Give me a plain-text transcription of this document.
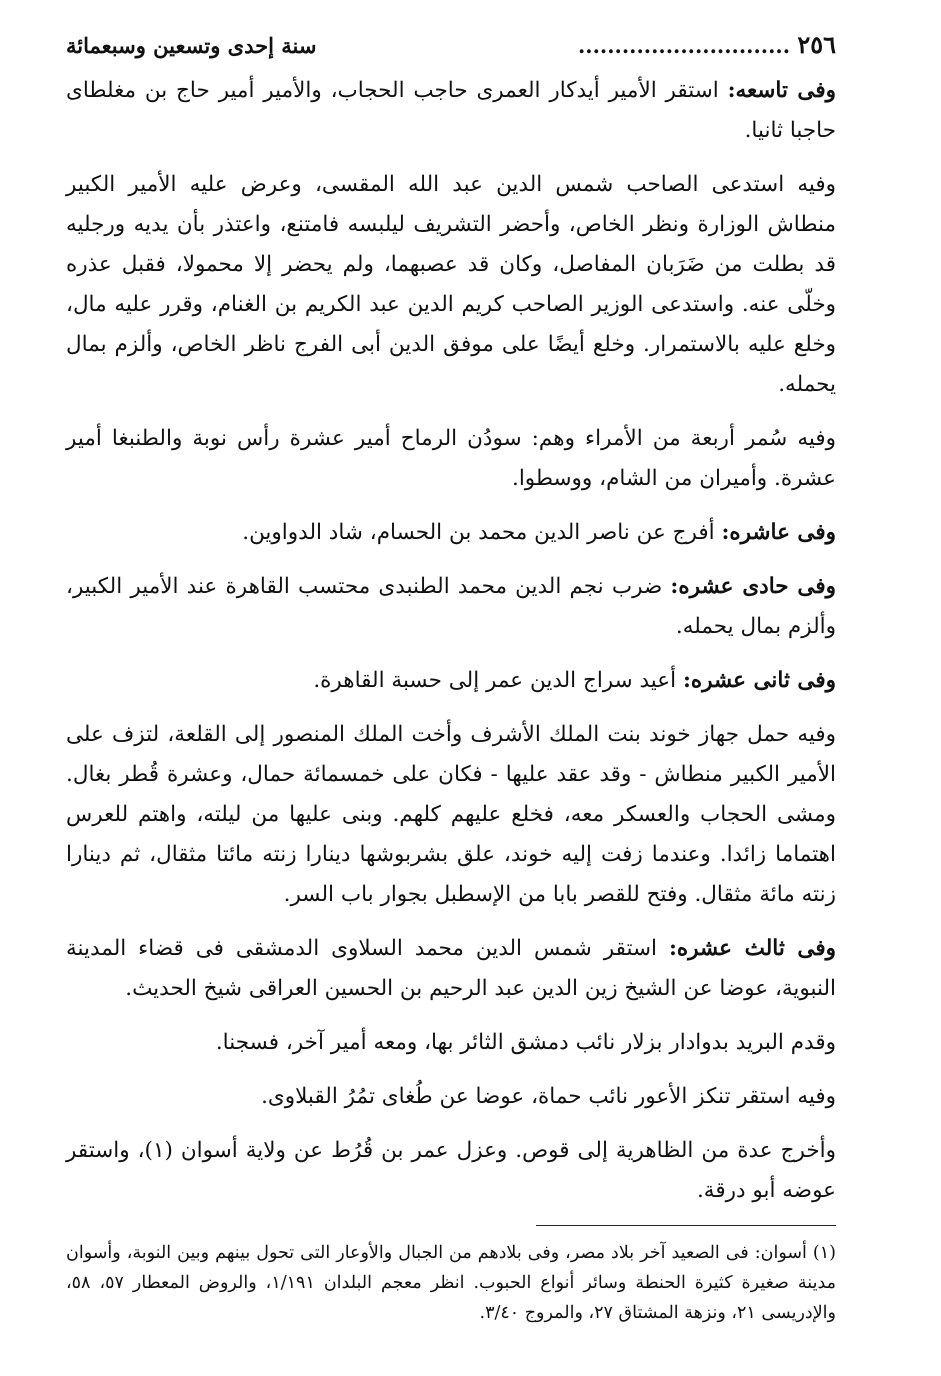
٢٥٦ .............................
سنة إحدى وتسعين وسبعمائة

وفى تاسعه: استقر الأمير أيدكار العمرى حاجب الحجاب، والأمير أمير حاج بن مغلطاى حاجبا ثانيا.

وفيه استدعى الصاحب شمس الدين عبد الله المقسى، وعرض عليه الأمير الكبير منطاش الوزارة ونظر الخاص، وأحضر التشريف ليلبسه فامتنع، واعتذر بأن يديه ورجليه قد بطلت من ضَرَبان المفاصل، وكان قد عصبهما، ولم يحضر إلا محمولا، فقبل عذره وخلّى عنه. واستدعى الوزير الصاحب كريم الدين عبد الكريم بن الغنام، وقرر عليه مال، وخلع عليه بالاستمرار. وخلع أيضًا على موفق الدين أبى الفرج ناظر الخاص، وألزم بمال يحمله.

وفيه سُمر أربعة من الأمراء وهم: سودُن الرماح أمير عشرة رأس نوبة والطنبغا أمير عشرة. وأميران من الشام، ووسطوا.

وفى عاشره: أفرج عن ناصر الدين محمد بن الحسام، شاد الدواوين.

وفى حادى عشره: ضرب نجم الدين محمد الطنبدى محتسب القاهرة عند الأمير الكبير، وألزم بمال يحمله.

وفى ثانى عشره: أعيد سراج الدين عمر إلى حسبة القاهرة.

وفيه حمل جهاز خوند بنت الملك الأشرف وأخت الملك المنصور إلى القلعة، لتزف على الأمير الكبير منطاش - وقد عقد عليها - فكان على خمسمائة حمال، وعشرة قُطر بغال. ومشى الحجاب والعسكر معه، فخلع عليهم كلهم. وبنى عليها من ليلته، واهتم للعرس اهتماما زائدا. وعندما زفت إليه خوند، علق بشربوشها دينارا زنته مائتا مثقال، ثم دينارا زنته مائة مثقال. وفتح للقصر بابا من الإسطبل بجوار باب السر.

وفى ثالث عشره: استقر شمس الدين محمد السلاوى الدمشقى فى قضاء المدينة النبوية، عوضا عن الشيخ زين الدين عبد الرحيم بن الحسين العراقى شيخ الحديث.

وقدم البريد بدوادار بزلار نائب دمشق الثائر بها، ومعه أمير آخر، فسجنا.

وفيه استقر تنكز الأعور نائب حماة، عوضا عن طُغاى تمُرُ القبلاوى.

وأخرج عدة من الظاهرية إلى قوص. وعزل عمر بن قُرُط عن ولاية أسوان (١)، واستقر عوضه أبو درقة.

(١) أسوان: فى الصعيد آخر بلاد مصر، وفى بلادهم من الجبال والأوعار التى تحول بينهم وبين النوبة، وأسوان مدينة صغيرة كثيرة الحنطة وسائر أنواع الحبوب. انظر معجم البلدان ١/١٩١، والروض المعطار ٥٧، ٥٨، والإدريسى ٢١، ونزهة المشتاق ٢٧، والمروج ٣/٤٠.
